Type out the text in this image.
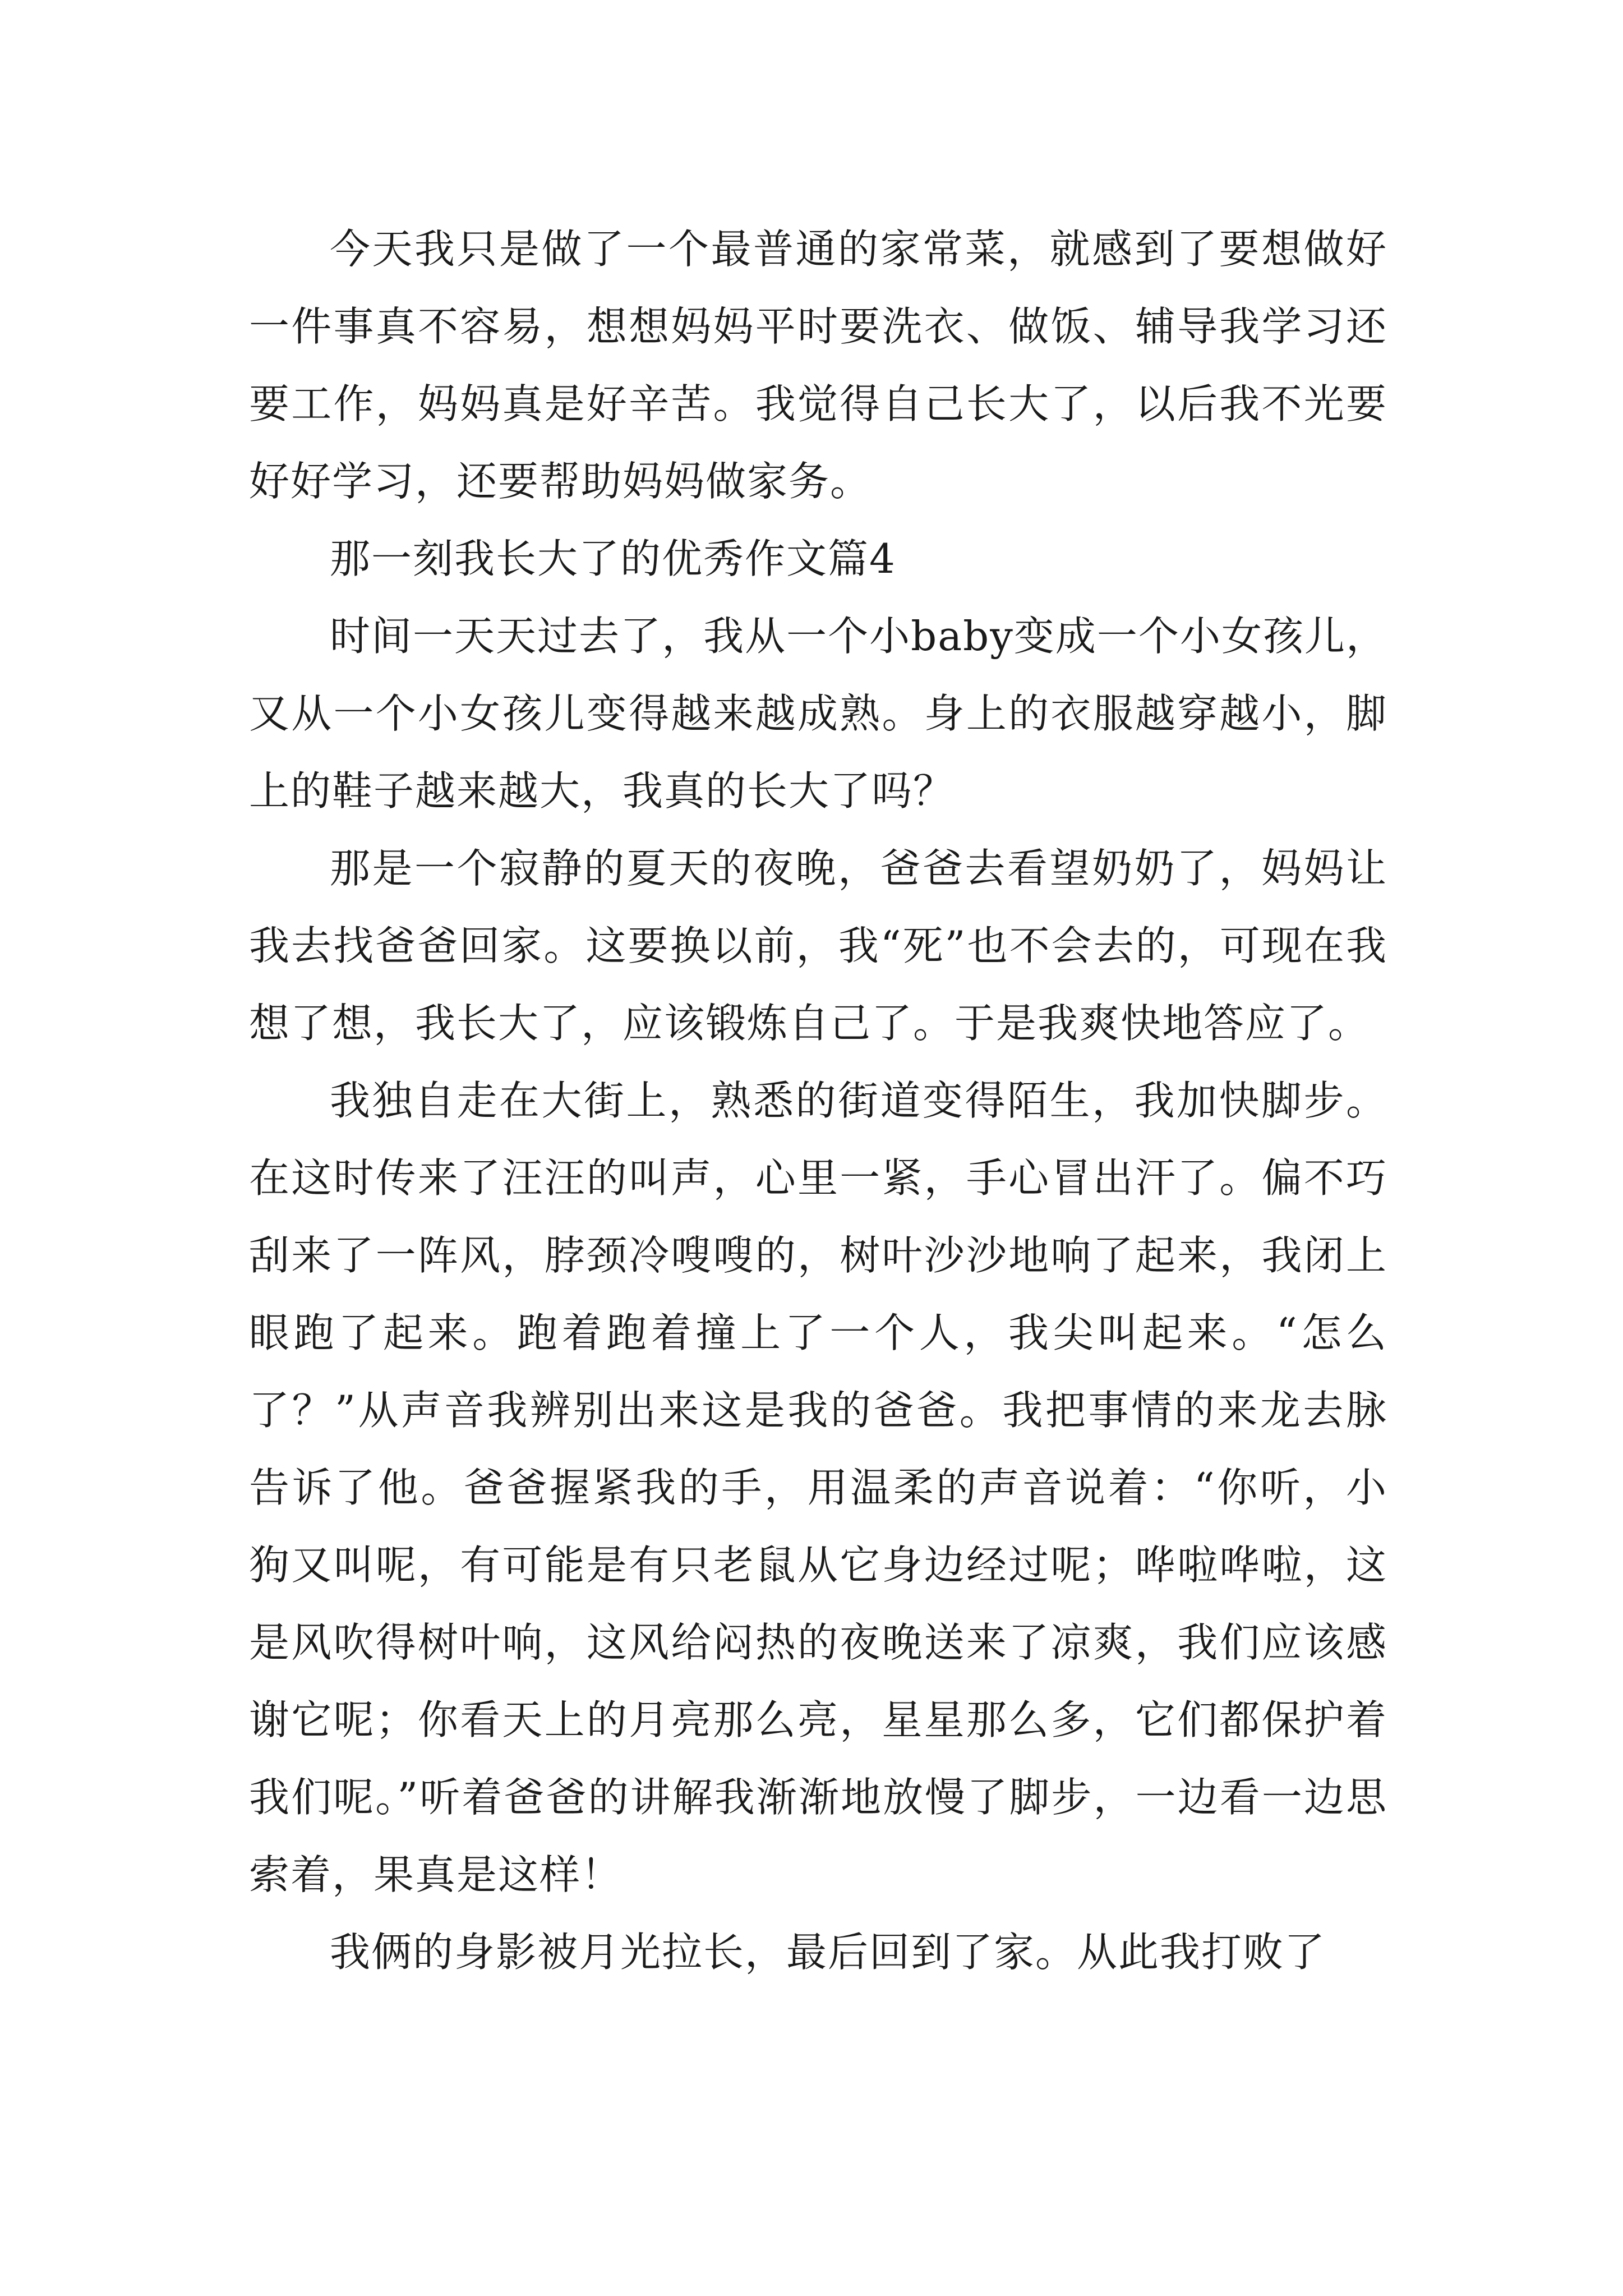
今天我只是做了一个最普通的家常菜，就感到了要想做好一件事真不容易，想想妈妈平时要洗衣、做饭、辅导我学习还要工作，妈妈真是好辛苦。我觉得自己长大了，以后我不光要好好学习，还要帮助妈妈做家务。

那一刻我长大了的优秀作文篇4

时间一天天过去了，我从一个小baby变成一个小女孩儿，又从一个小女孩儿变得越来越成熟。身上的衣服越穿越小，脚上的鞋子越来越大，我真的长大了吗？

那是一个寂静的夏天的夜晚，爸爸去看望奶奶了，妈妈让我去找爸爸回家。这要换以前，我“死”也不会去的，可现在我想了想，我长大了，应该锻炼自己了。于是我爽快地答应了。

我独自走在大街上，熟悉的街道变得陌生，我加快脚步。在这时传来了汪汪的叫声，心里一紧，手心冒出汗了。偏不巧刮来了一阵风，脖颈冷嗖嗖的，树叶沙沙地响了起来，我闭上眼跑了起来。跑着跑着撞上了一个人，我尖叫起来。“怎么了？”从声音我辨别出来这是我的爸爸。我把事情的来龙去脉告诉了他。爸爸握紧我的手，用温柔的声音说着：“你听，小狗又叫呢，有可能是有只老鼠从它身边经过呢；哗啦哗啦，这是风吹得树叶响，这风给闷热的夜晚送来了凉爽，我们应该感谢它呢；你看天上的月亮那么亮，星星那么多，它们都保护着我们呢。”听着爸爸的讲解我渐渐地放慢了脚步，一边看一边思索着，果真是这样！

我俩的身影被月光拉长，最后回到了家。从此我打败了
